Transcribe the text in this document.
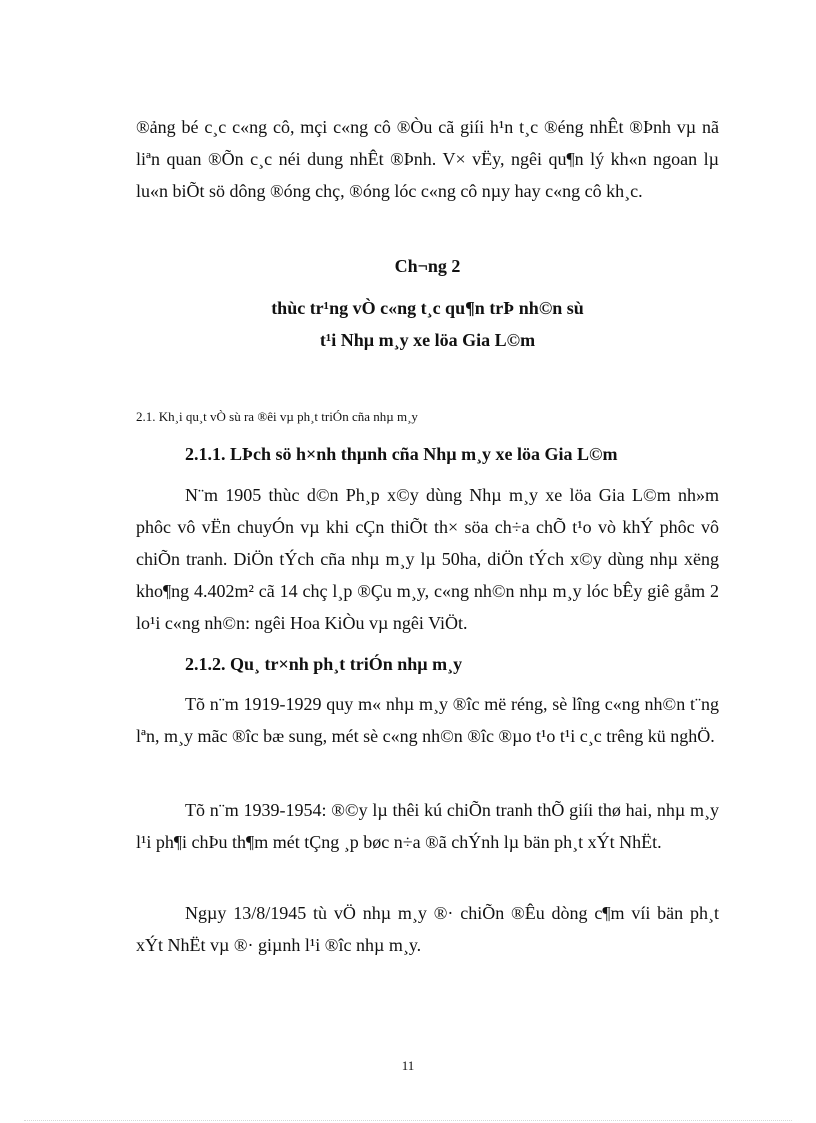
®ảng bé c¸c c«ng cô, mçi c«ng cô ®Òu cã giíi h¹n t¸c ®éng nhÊt ®Þnh vµ nã liªn quan ®Õn c¸c néi dung nhÊt ®Þnh. V× vËy, ngêi qu¶n lý kh«n ngoan lµ lu«n biÕt sö dông ®óng chç, ®óng lóc c«ng cô nµy hay c«ng cô kh¸c.

Ch¬ng 2

thùc tr¹ng vÒ c«ng t¸c qu¶n trÞ nh©n sù

t¹i Nhµ m¸y xe löa Gia L©m

2.1. Kh¸i qu¸t vÒ sù ra ®êi vµ ph¸t triÓn cña nhµ m¸y

2.1.1. LÞch sö h×nh thµnh cña Nhµ m¸y xe löa Gia L©m

N¨m 1905 thùc d©n Ph¸p x©y dùng Nhµ m¸y xe löa Gia L©m nh»m phôc vô vËn chuyÓn vµ khi cÇn thiÕt th× söa ch÷a chÕ t¹o vò khÝ phôc vô chiÕn tranh. DiÖn tÝch cña nhµ m¸y lµ 50ha, diÖn tÝch x©y dùng nhµ xëng kho¶ng 4.402m² cã 14 chç l¸p ®Çu m¸y, c«ng nh©n nhµ m¸y lóc bÊy giê gåm 2 lo¹i c«ng nh©n: ngêi Hoa KiÒu vµ ngêi ViÖt.

2.1.2. Qu¸ tr×nh ph¸t triÓn nhµ m¸y

Tõ n¨m 1919-1929 quy m« nhµ m¸y ®îc më réng, sè lîng c«ng nh©n t¨ng lªn, m¸y mãc ®îc bæ sung, mét sè c«ng nh©n ®îc ®µo t¹o t¹i c¸c trêng kü nghÖ.

Tõ n¨m 1939-1954: ®©y lµ thêi kú chiÕn tranh thÕ giíi thø hai, nhµ m¸y l¹i ph¶i chÞu th¶m mét tÇng ¸p bøc n÷a ®ã chÝnh lµ bän ph¸t xÝt NhËt.

Ngµy 13/8/1945 tù vÖ nhµ m¸y ®· chiÕn ®Êu dòng c¶m víi bän ph¸t xÝt NhËt vµ ®· giµnh l¹i ®îc nhµ m¸y.

11
